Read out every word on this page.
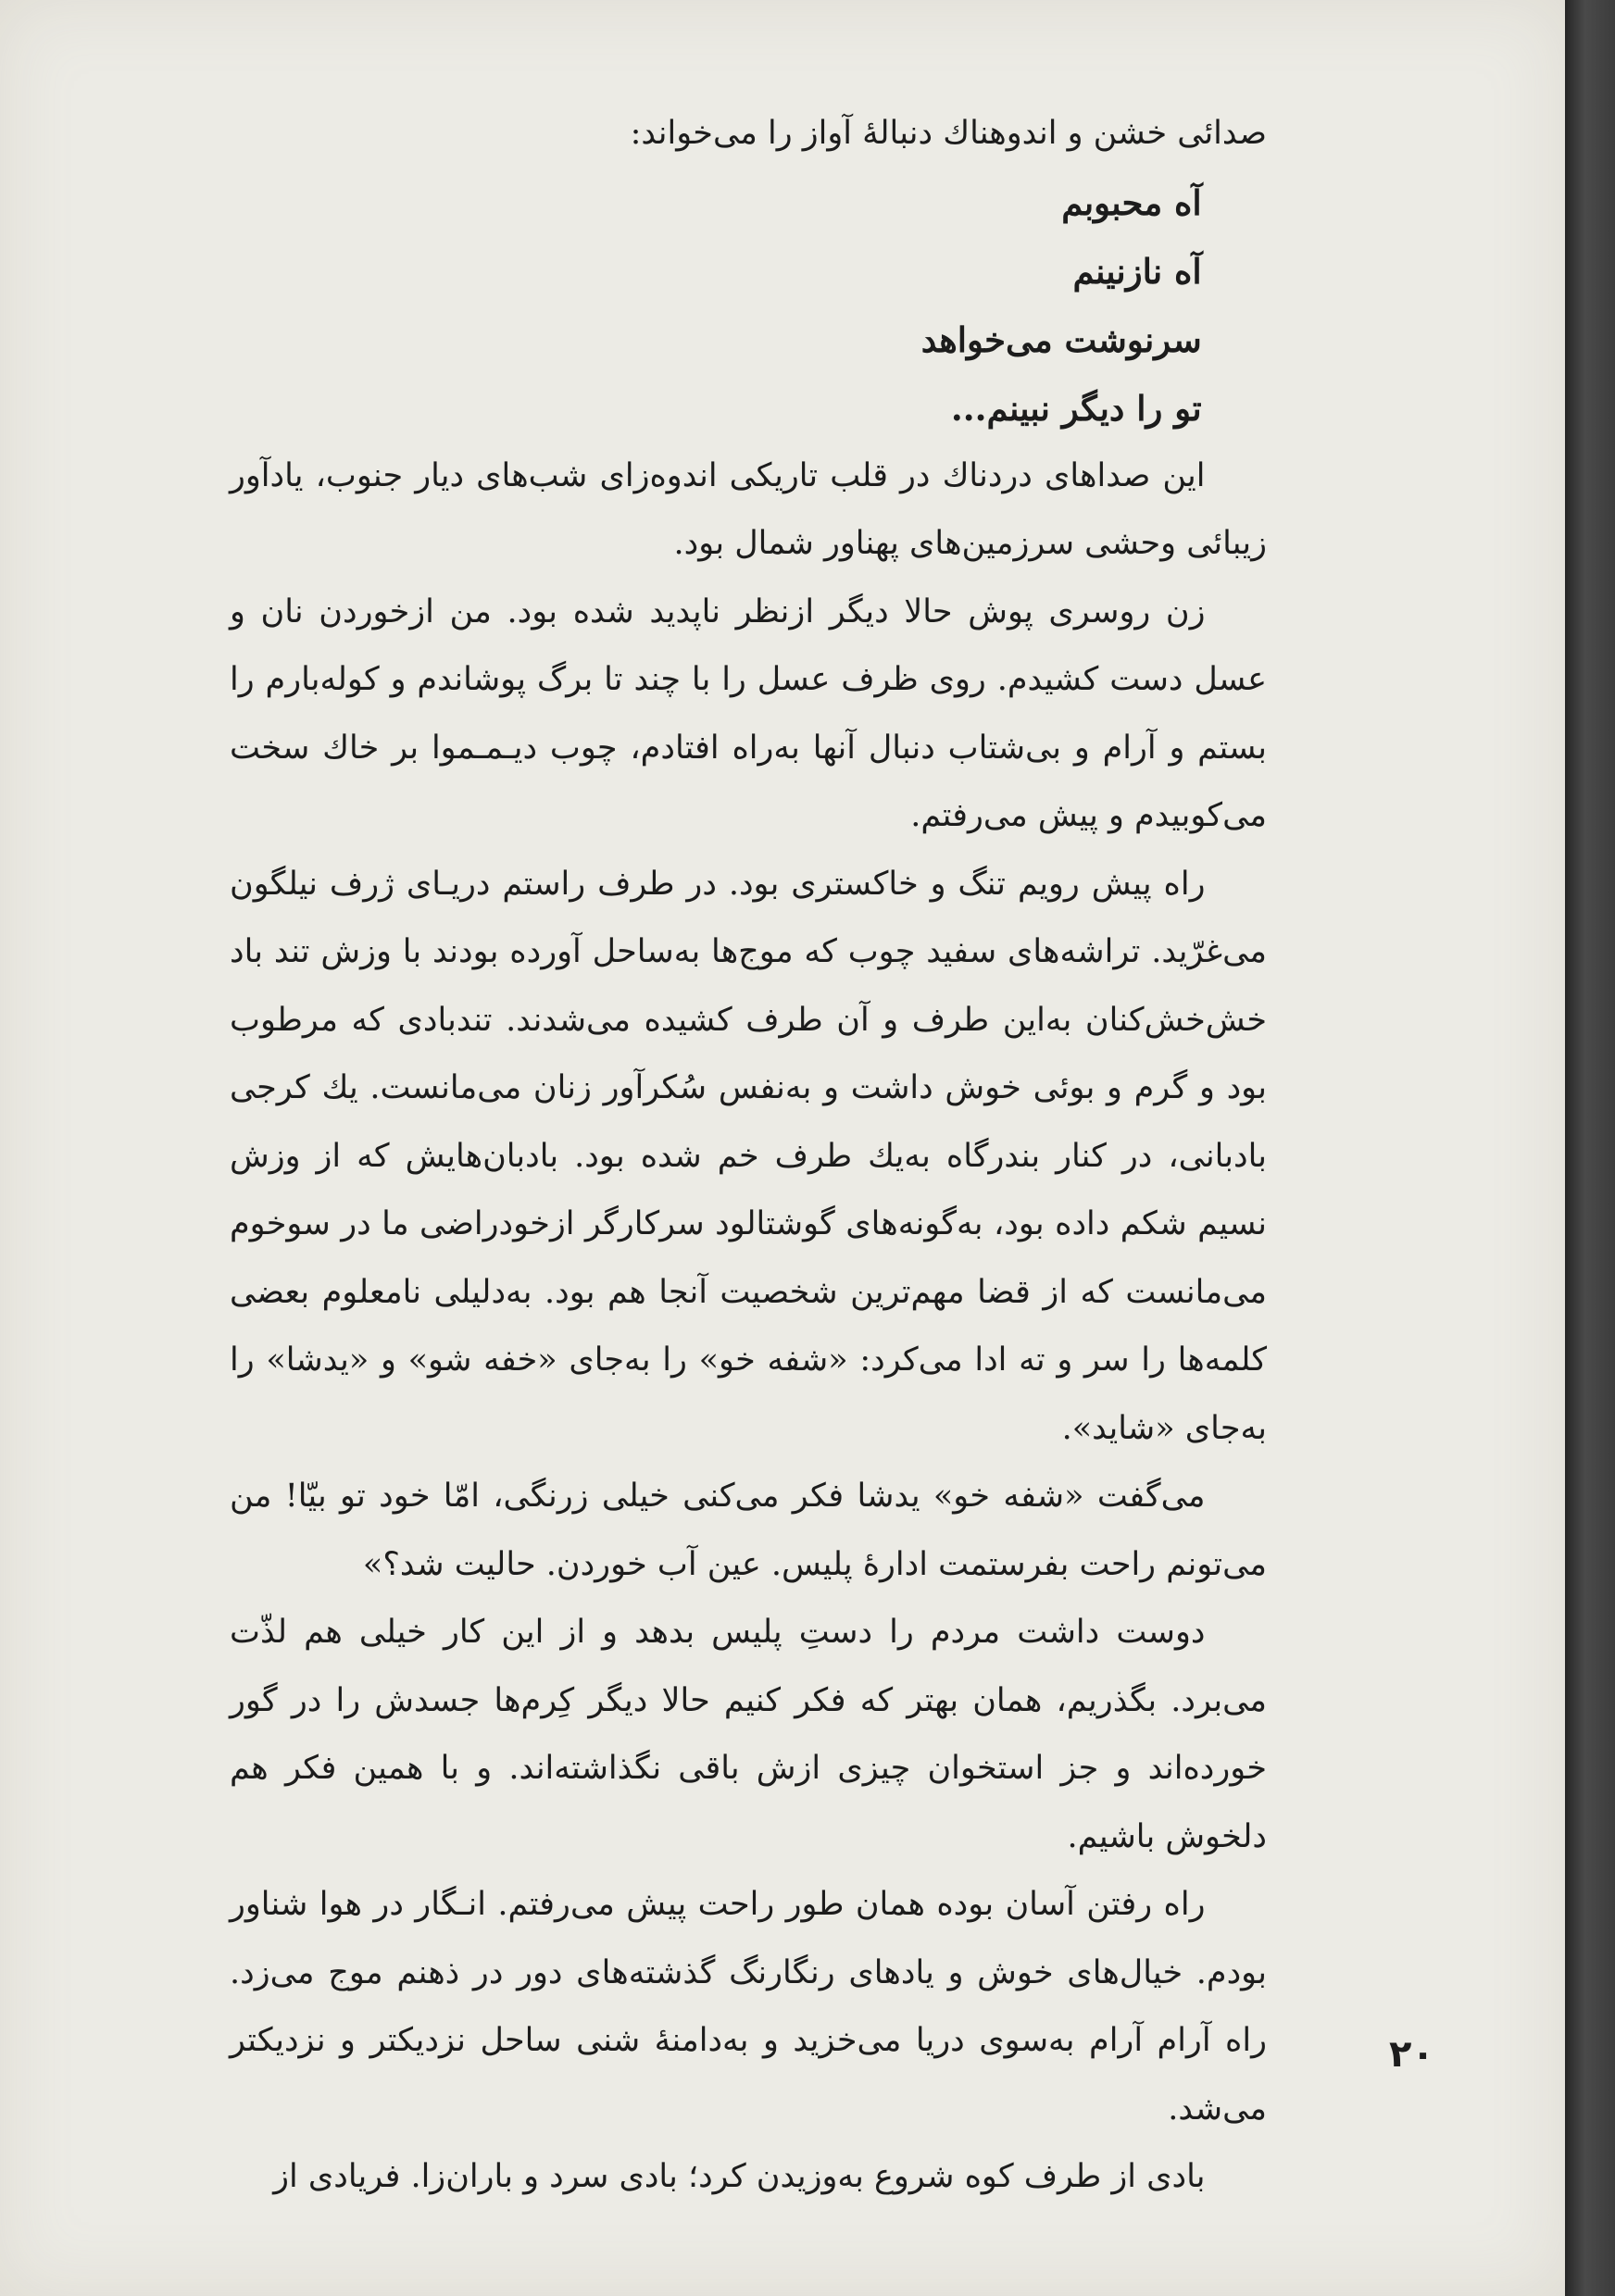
صدائی خشن و اندوهناك دنبالهٔ آواز را می‌خواند:

آه محبوبم
آه نازنینم
سرنوشت می‌خواهد
تو را دیگر نبینم...

این صداهای دردناك در قلب تاریکی اندوه‌زای شب‌های دیار جنوب، یادآور زیبائی وحشی سرزمین‌های پهناور شمال بود.

زن روسری پوش حالا دیگر ازنظر ناپدید شده بود. من ازخوردن نان و عسل دست کشیدم. روی ظرف عسل را با چند تا برگ پوشاندم و کوله‌بارم را بستم و آرام و بی‌شتاب دنبال آنها به‌راه افتادم، چوب دیـمـموا بر خاك سخت می‌کوبیدم و پیش می‌رفتم.

راه پیش رویم تنگ و خاکستری بود. در طرف راستم دریـای ژرف نیلگون می‌غرّید. تراشه‌های سفید چوب که موج‌ها به‌ساحل آورده بودند با وزش تند باد خش‌خش‌کنان به‌این طرف و آن طرف کشیده می‌شدند. تندبادی که مرطوب بود و گرم و بوئی خوش داشت و به‌نفس سُکرآور زنان می‌مانست. یك کرجی بادبانی، در کنار بندرگاه به‌یك طرف خم شده بود. بادبان‌هایش که از وزش نسیم شکم داده بود، به‌گونه‌های گوشتالود سرکارگر ازخودراضی ما در سوخوم می‌مانست که از قضا مهم‌ترین شخصیت آنجا هم بود. به‌دلیلی نامعلوم بعضی کلمه‌ها را سر و ته ادا می‌کرد: «شفه خو» را به‌جای «خفه شو» و «یدشا» را به‌جای «شاید».

می‌گفت «شفه خو» یدشا فکر می‌کنی خیلی زرنگی، امّا خود تو بیّا! من می‌تونم راحت بفرستمت ادارهٔ پلیس. عین آب خوردن. حالیت شد؟»

دوست داشت مردم را دستِ پلیس بدهد و از این کار خیلی هم لذّت می‌برد. بگذریم، همان بهتر که فکر کنیم حالا دیگر کِرم‌ها جسدش را در گور خورده‌اند و جز استخوان چیزی ازش باقی نگذاشته‌اند. و با همین فکر هم دلخوش باشیم.

راه رفتن آسان بوده همان طور راحت پیش می‌رفتم. انـگار در هوا شناور بودم. خیال‌های خوش و یادهای رنگارنگ گذشته‌های دور در ذهنم موج می‌زد. راه آرام آرام به‌سوی دریا می‌خزید و به‌دامنهٔ شنی ساحل نزدیکتر و نزدیکتر می‌شد.

بادی از طرف کوه شروع به‌وزیدن کرد؛ بادی سرد و باران‌زا. فریادی از

۲۰
